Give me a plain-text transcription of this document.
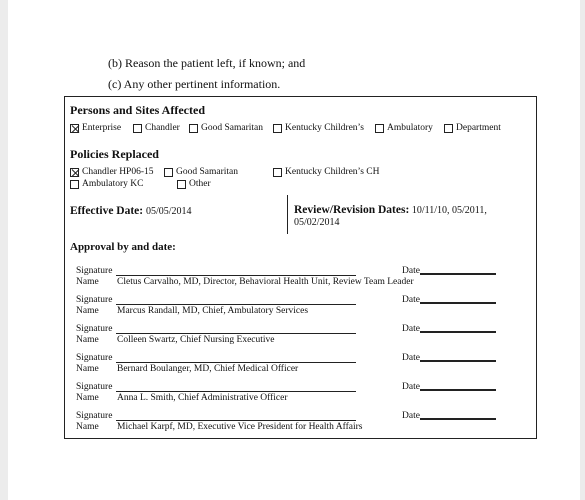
(b) Reason the patient left, if known; and
(c) Any other pertinent information.
Persons and Sites Affected
Enterprise	Chandler Good Samaritan Kentucky Children’s Ambulatory Department
Policies Replaced
Chandler HP06-15 Good Samaritan	Kentucky Children’s CH
Ambulatory KC	Other
Effective Date: 05/05/2014	Review/Revision Dates: 10/11/10, 05/2011,
05/02/2014
Approval by and date:
Signature
Name Cletus Carvalho, MD, Director, Behavioral Health Unit, Review Team Leader
Date
Signature
Name Marcus Randall, MD, Chief, Ambulatory Services
Date
Signature
Name Colleen Swartz, Chief Nursing Executive
Date
Signature
Name Bernard Boulanger, MD, Chief Medical Officer
Date
Signature
Name Anna L. Smith, Chief Administrative Officer
Date
Signature
Name Michael Karpf, MD, Executive Vice President for Health Affairs
Date
